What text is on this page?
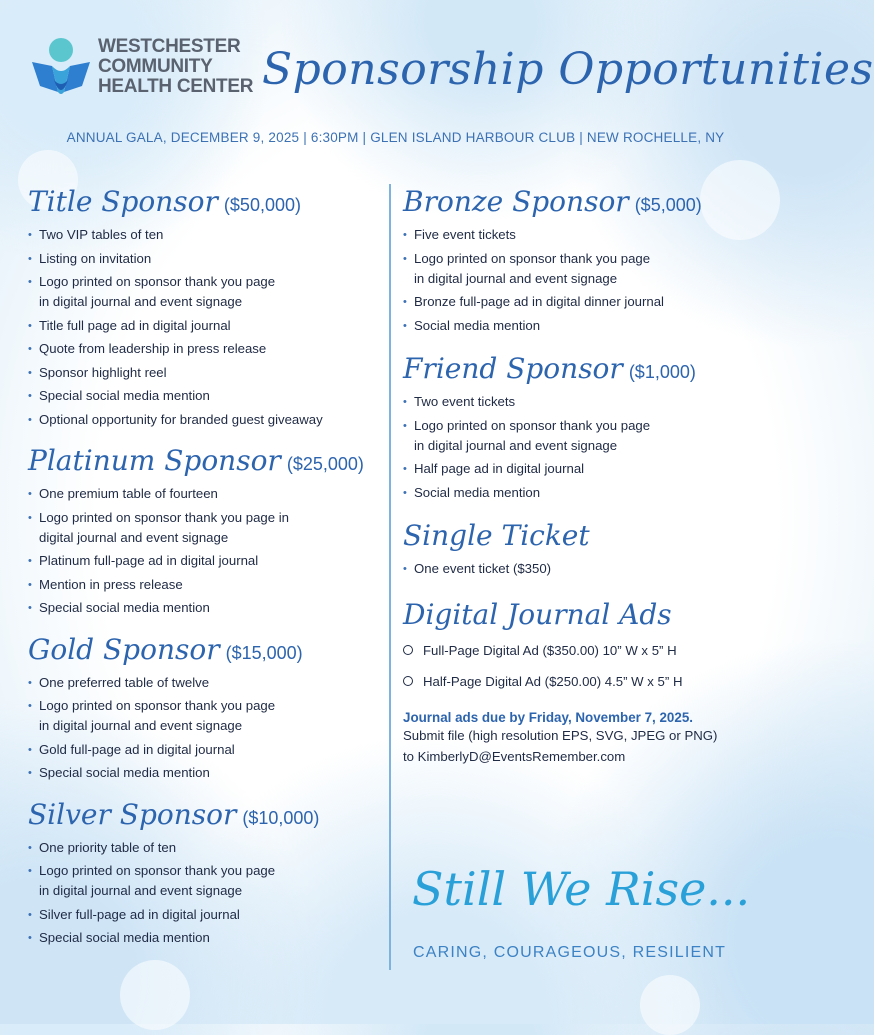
WESTCHESTER
COMMUNITY
HEALTH CENTER Sponsorship Opportunities
ANNUAL GALA, DECEMBER 9, 2025 | 6:30PM | GLEN ISLAND HARBOUR CLUB | NEW ROCHELLE, NY
Title Sponsor ($50,000)
• Two VIP tables of ten
• Listing on invitation
• Logo printed on sponsor thank you page
in digital journal and event signage
• Title full page ad in digital journal
• Quote from leadership in press release
• Sponsor highlight reel
• Special social media mention
• Optional opportunity for branded guest giveaway
Platinum Sponsor ($25,000)
• One premium table of fourteen
• Logo printed on sponsor thank you page in
digital journal and event signage
• Platinum full-page ad in digital journal
• Mention in press release
• Special social media mention
Gold Sponsor ($15,000)
• One preferred table of twelve
• Logo printed on sponsor thank you page
in digital journal and event signage
• Gold full-page ad in digital journal
• Special social media mention
Silver Sponsor ($10,000)
• One priority table of ten
• Logo printed on sponsor thank you page
in digital journal and event signage
• Silver full-page ad in digital journal
• Special social media mention
Bronze Sponsor ($5,000)
• Five event tickets
• Logo printed on sponsor thank you page
in digital journal and event signage
• Bronze full-page ad in digital dinner journal
• Social media mention
Friend Sponsor ($1,000)
• Two event tickets
• Logo printed on sponsor thank you page
in digital journal and event signage
• Half page ad in digital journal
• Social media mention
Single Ticket
• One event ticket ($350)
Digital Journal Ads
Full-Page Digital Ad ($350.00) 10” W x 5” H
Half-Page Digital Ad ($250.00) 4.5” W x 5” H
Journal ads due by Friday, November 7, 2025.
Submit file (high resolution EPS, SVG, JPEG or PNG)
to KimberlyD@EventsRemember.com
Still We Rise...
CARING, COURAGEOUS, RESILIENT
